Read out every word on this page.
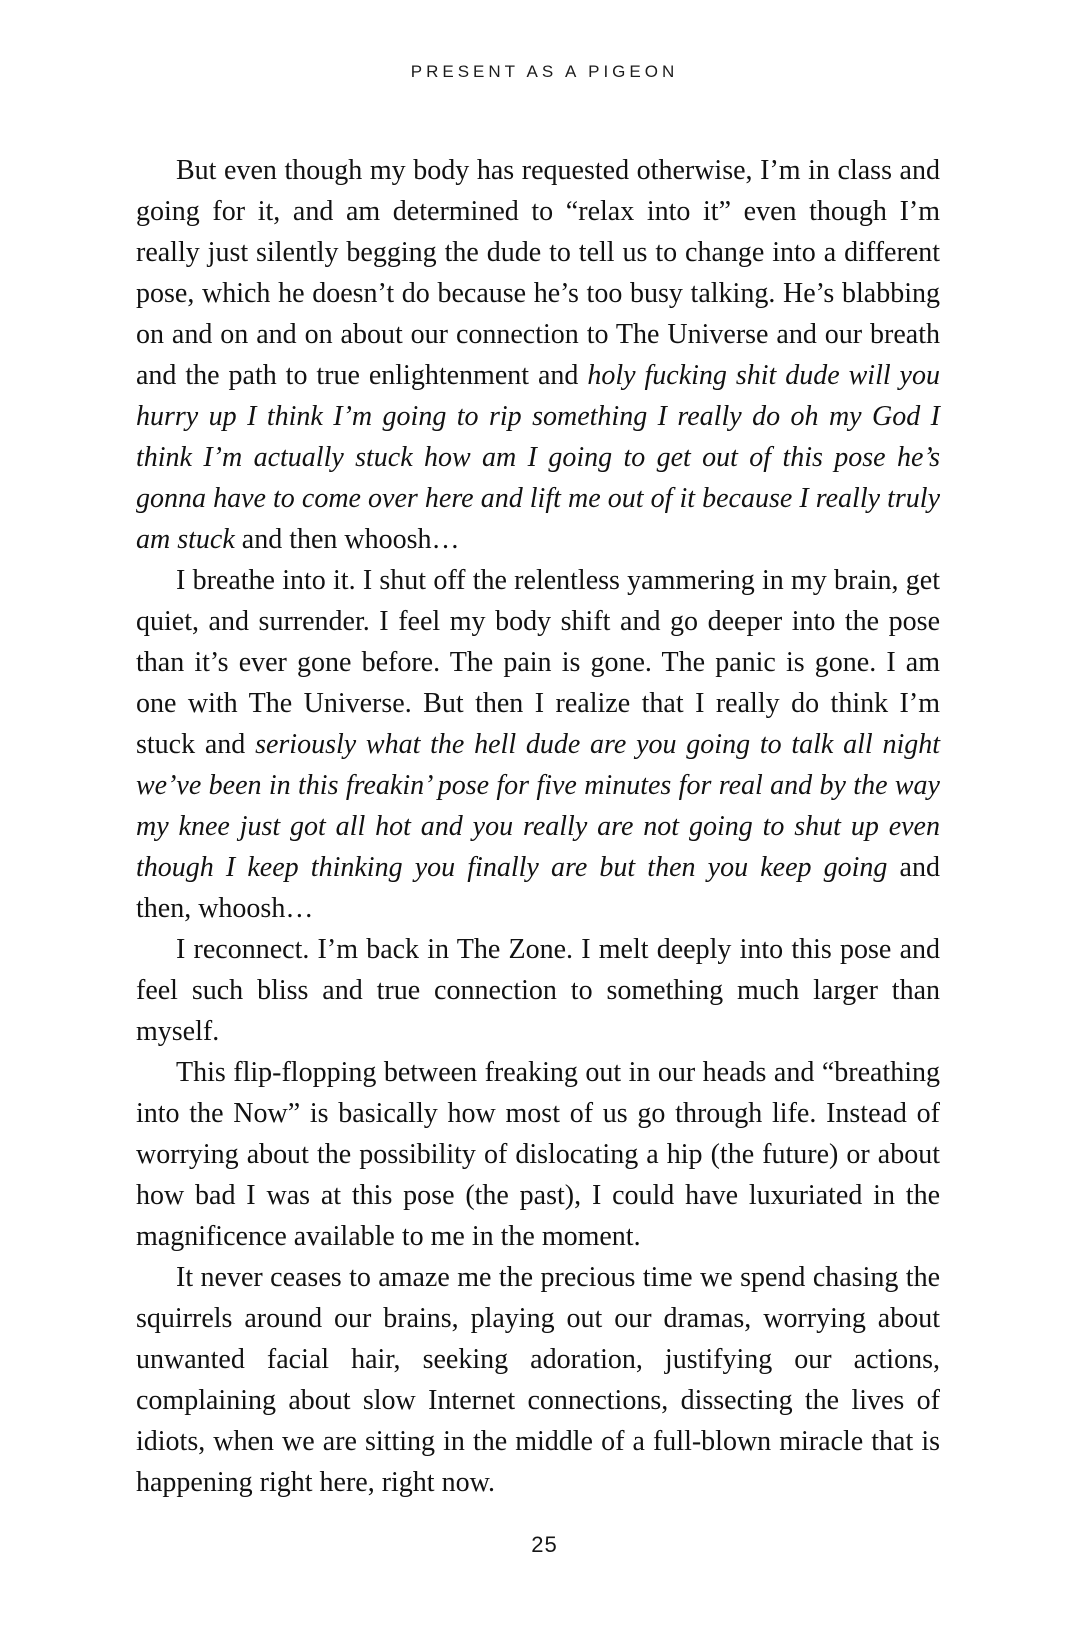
PRESENT AS A PIGEON

But even though my body has requested otherwise, I’m in class and going for it, and am determined to “relax into it” even though I’m really just silently begging the dude to tell us to change into a different pose, which he doesn’t do because he’s too busy talking. He’s blabbing on and on and on about our connection to The Universe and our breath and the path to true enlightenment and holy fucking shit dude will you hurry up I think I’m going to rip something I really do oh my God I think I’m actually stuck how am I going to get out of this pose he’s gonna have to come over here and lift me out of it because I really truly am stuck and then whoosh…

I breathe into it. I shut off the relentless yammering in my brain, get quiet, and surrender. I feel my body shift and go deeper into the pose than it’s ever gone before. The pain is gone. The panic is gone. I am one with The Universe. But then I realize that I really do think I’m stuck and seriously what the hell dude are you going to talk all night we’ve been in this freakin’ pose for five minutes for real and by the way my knee just got all hot and you really are not going to shut up even though I keep thinking you finally are but then you keep going and then, whoosh…

I reconnect. I’m back in The Zone. I melt deeply into this pose and feel such bliss and true connection to something much larger than myself.

This flip-flopping between freaking out in our heads and “breathing into the Now” is basically how most of us go through life. Instead of worrying about the possibility of dislocating a hip (the future) or about how bad I was at this pose (the past), I could have luxuriated in the magnificence available to me in the moment.

It never ceases to amaze me the precious time we spend chasing the squirrels around our brains, playing out our dramas, worrying about unwanted facial hair, seeking adoration, justifying our actions, complaining about slow Internet connections, dissecting the lives of idiots, when we are sitting in the middle of a full-blown miracle that is happening right here, right now.

25
